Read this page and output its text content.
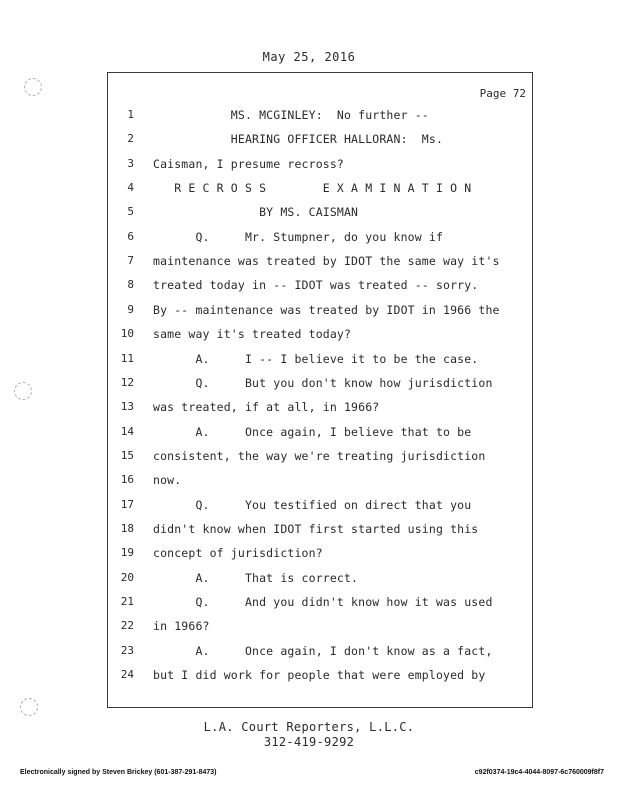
May 25, 2016
Page 72
1 MS. MCGINLEY:  No further --
2 HEARING OFFICER HALLORAN:  Ms.
3 Caisman, I presume recross?
4 R E C R O S S        E X A M I N A T I O N
5 BY MS. CAISMAN
6 Q.     Mr. Stumpner, do you know if
7 maintenance was treated by IDOT the same way it's
8 treated today in -- IDOT was treated -- sorry.
9 By -- maintenance was treated by IDOT in 1966 the
10 same way it's treated today?
11 A.     I -- I believe it to be the case.
12 Q.     But you don't know how jurisdiction
13 was treated, if at all, in 1966?
14 A.     Once again, I believe that to be
15 consistent, the way we're treating jurisdiction
16 now.
17 Q.     You testified on direct that you
18 didn't know when IDOT first started using this
19 concept of jurisdiction?
20 A.     That is correct.
21 Q.     And you didn't know how it was used
22 in 1966?
23 A.     Once again, I don't know as a fact,
24 but I did work for people that were employed by
L.A. Court Reporters, L.L.C.
312-419-9292
Electronically signed by Steven Brickey (601-387-291-8473)	c92f0374-19c4-4044-8097-6c760009f8f7
